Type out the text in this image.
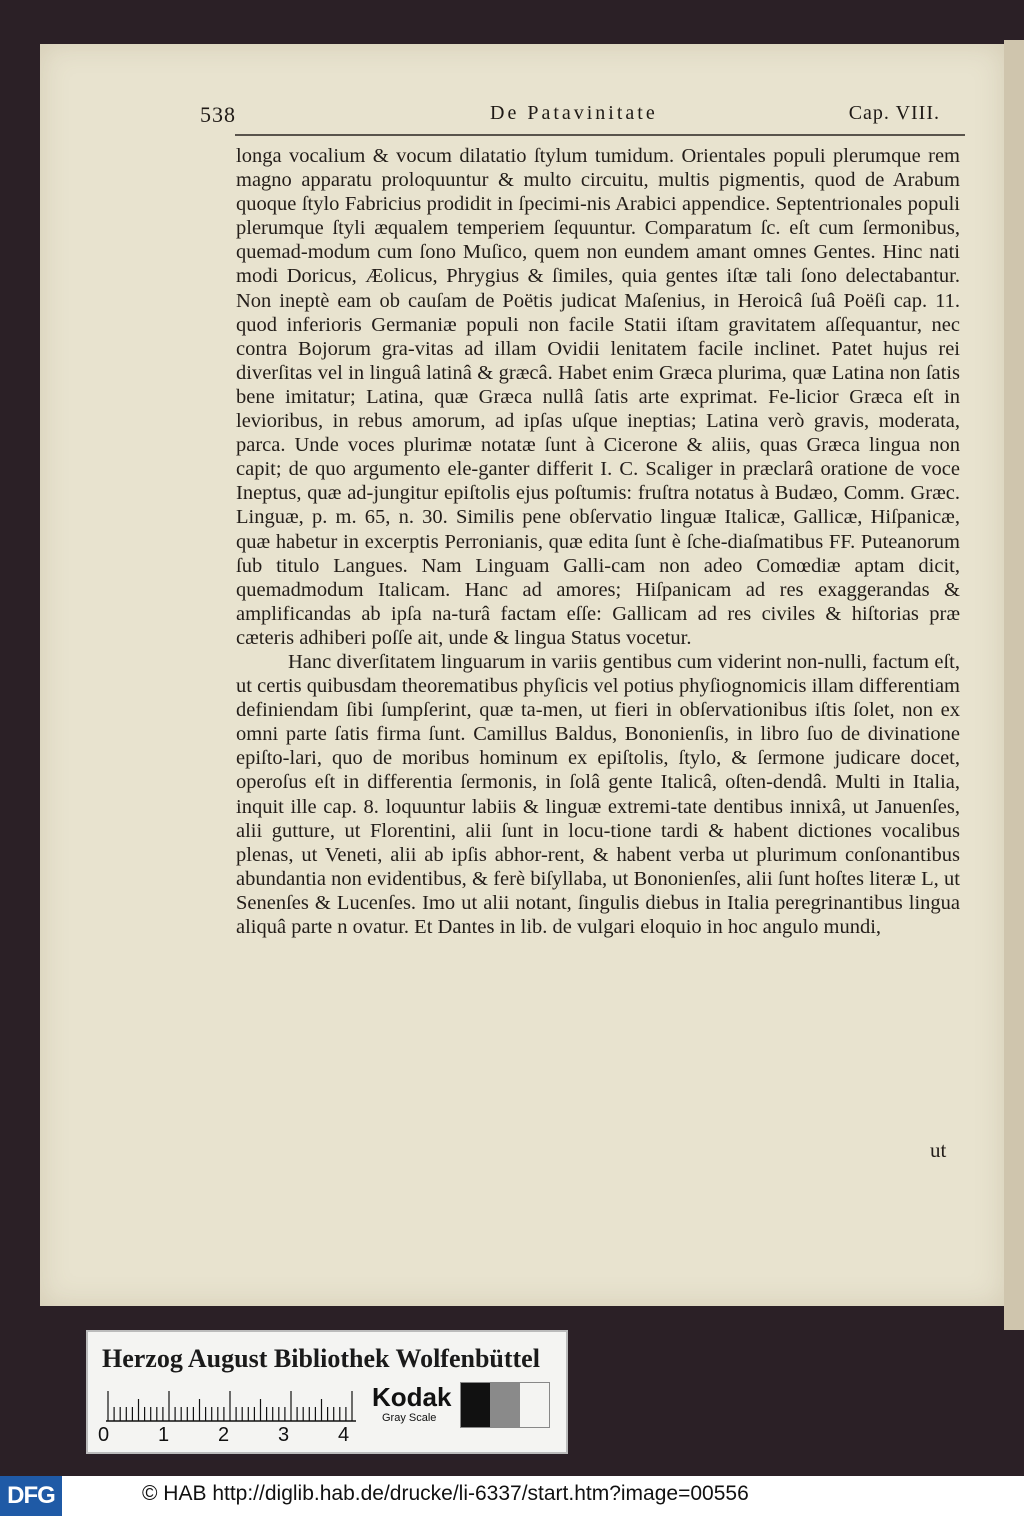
538	De Patavinitate	Cap. VIII.

longa vocalium & vocum dilatatio ſtylum tumidum. Orientales populi plerumque rem magno apparatu proloquuntur & multo circuitu, multis pigmentis, quod de Arabum quoque ſtylo Fabricius prodidit in ſpecimi-nis Arabici appendice. Septentrionales populi plerumque ſtyli æqualem temperiem ſequuntur. Comparatum ſc. eſt cum ſermonibus, quemad-modum cum ſono Muſico, quem non eundem amant omnes Gentes. Hinc nati modi Doricus, Æolicus, Phrygius & ſimiles, quia gentes iſtæ tali ſono delectabantur. Non ineptè eam ob cauſam de Poëtis judicat Maſenius, in Heroicâ ſuâ Poëſi cap. 11. quod inferioris Germaniæ populi non facile Statii iſtam gravitatem aſſequantur, nec contra Bojorum gra-vitas ad illam Ovidii lenitatem facile inclinet. Patet hujus rei diverſitas vel in linguâ latinâ & græcâ. Habet enim Græca plurima, quæ Latina non ſatis bene imitatur; Latina, quæ Græca nullâ ſatis arte exprimat. Fe-licior Græca eſt in levioribus, in rebus amorum, ad ipſas uſque ineptias; Latina verò gravis, moderata, parca. Unde voces plurimæ notatæ ſunt à Cicerone & aliis, quas Græca lingua non capit; de quo argumento ele-ganter differit I. C. Scaliger in præclarâ oratione de voce Ineptus, quæ ad-jungitur epiſtolis ejus poſtumis: fruſtra notatus à Budæo, Comm. Græc. Linguæ, p. m. 65, n. 30. Similis pene obſervatio linguæ Italicæ, Gallicæ, Hiſpanicæ, quæ habetur in excerptis Perronianis, quæ edita ſunt è ſche-diaſmatibus FF. Puteanorum ſub titulo Langues. Nam Linguam Galli-cam non adeo Comœdiæ aptam dicit, quemadmodum Italicam. Hanc ad amores; Hiſpanicam ad res exaggerandas & amplificandas ab ipſa na-turâ factam eſſe: Gallicam ad res civiles & hiſtorias præ cæteris adhiberi poſſe ait, unde & lingua Status vocetur.

Hanc diverſitatem linguarum in variis gentibus cum viderint non-nulli, factum eſt, ut certis quibusdam theorematibus phyſicis vel potius phyſiognomicis illam differentiam definiendam ſibi ſumpſerint, quæ ta-men, ut fieri in obſervationibus iſtis ſolet, non ex omni parte ſatis firma ſunt. Camillus Baldus, Bononienſis, in libro ſuo de divinatione epiſto-lari, quo de moribus hominum ex epiſtolis, ſtylo, & ſermone judicare docet, operoſus eſt in differentia ſermonis, in ſolâ gente Italicâ, oſten-dendâ. Multi in Italia, inquit ille cap. 8. loquuntur labiis & linguæ extremi-tate dentibus innixâ, ut Januenſes, alii gutture, ut Florentini, alii ſunt in locu-tione tardi & habent dictiones vocalibus plenas, ut Veneti, alii ab ipſis abhor-rent, & habent verba ut plurimum conſonantibus abundantia non evidentibus, & ferè biſyllaba, ut Bononienſes, alii ſunt hoſtes literæ L, ut Senenſes & Lucenſes. Imo ut alii notant, ſingulis diebus in Italia peregrinantibus lingua aliquâ parte n ovatur. Et Dantes in lib. de vulgari eloquio in hoc angulo mundi,

ut
Herzog August Bibliothek Wolfenbüttel
0 1 2 3 4
Kodak
Gray Scale
DFG	© HAB http://diglib.hab.de/drucke/li-6337/start.htm?image=00556
